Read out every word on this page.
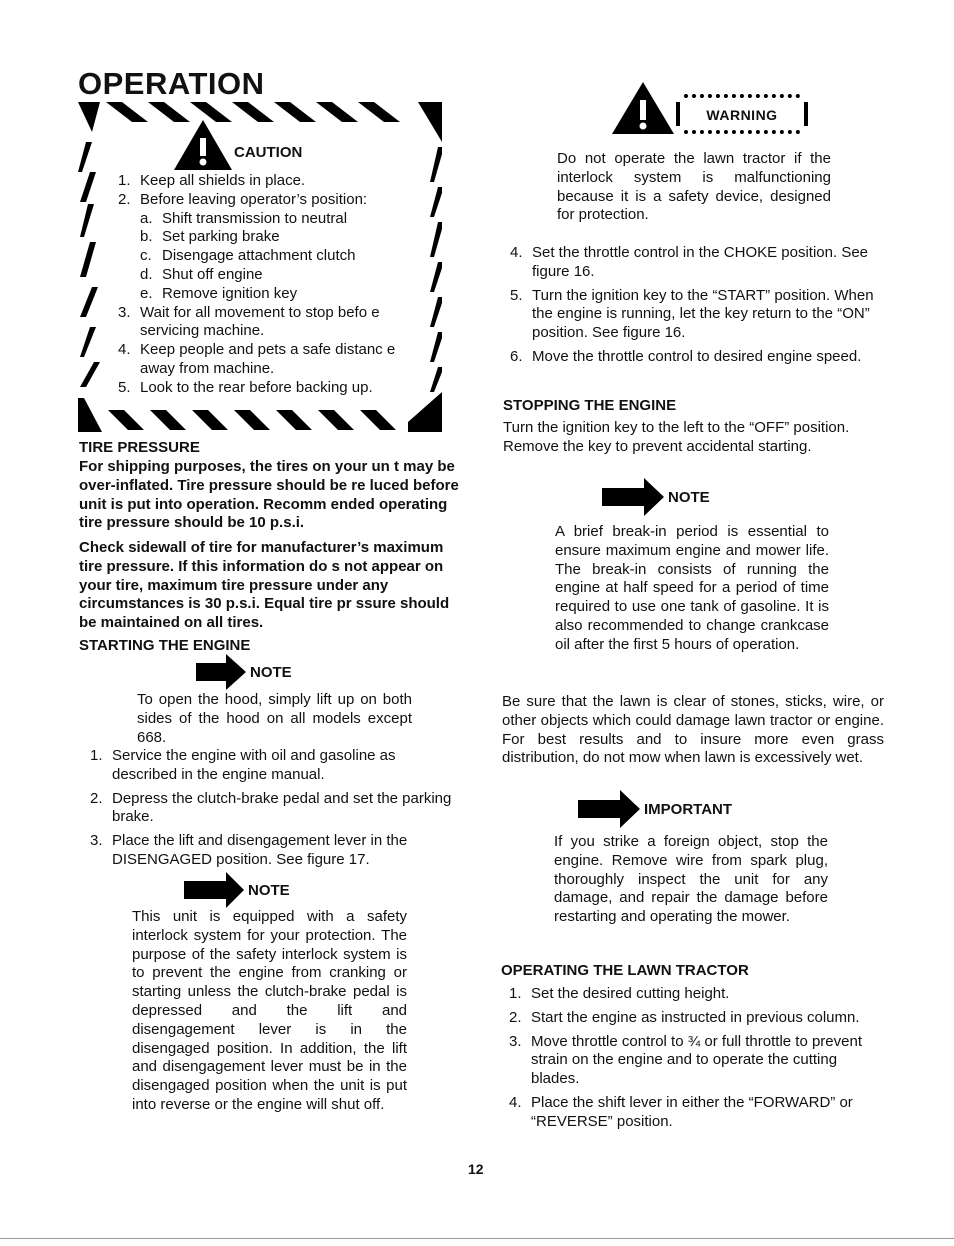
OPERATION
CAUTION
1. Keep all shields in place.
2. Before leaving operator’s position:
a. Shift transmission to neutral
b. Set parking brake
c. Disengage attachment clutch
d. Shut off engine
e. Remove ignition key
3. Wait for all movement to stop befo e
servicing machine.
4. Keep people and pets a safe distanc e
away from machine.
5. Look to the rear before backing up.
TIRE PRESSURE
For shipping purposes, the tires on your un t may be over-inflated. Tire pressure should be re luced before unit is put into operation. Recomm ended operating tire pressure should be 10 p.s.i.
Check sidewall of tire for manufacturer’s maximum tire pressure. If this information do s not appear on your tire, maximum tire pressure under any circumstances is 30 p.s.i. Equal tire pr ssure should be maintained on all tires.
STARTING THE ENGINE
NOTE
To open the hood, simply lift up on both sides of the hood on all models except 668.
1. Service the engine with oil and gasoline as described in the engine manual.
2. Depress the clutch-brake pedal and set the parking brake.
3. Place the lift and disengagement lever in the DISENGAGED position. See figure 17.
NOTE
This unit is equipped with a safety interlock system for your protection. The purpose of the safety interlock system is to prevent the engine from cranking or starting unless the clutch-brake pedal is depressed and the lift and disengagement lever is in the disengaged position. In addition, the lift and disengagement lever must be in the disengaged position when the unit is put into reverse or the engine will shut off.
WARNING
Do not operate the lawn tractor if the interlock system is malfunctioning because it is a safety device, designed for protection.
4. Set the throttle control in the CHOKE position. See figure 16.
5. Turn the ignition key to the “START” position. When the engine is running, let the key return to the “ON” position. See figure 16.
6. Move the throttle control to desired engine speed.
STOPPING THE ENGINE
Turn the ignition key to the left to the “OFF” position. Remove the key to prevent accidental starting.
NOTE
A brief break-in period is essential to ensure maximum engine and mower life. The break-in consists of running the engine at half speed for a period of time required to use one tank of gasoline. It is also recommended to change crankcase oil after the first 5 hours of operation.
Be sure that the lawn is clear of stones, sticks, wire, or other objects which could damage lawn tractor or engine. For best results and to insure more even grass distribution, do not mow when lawn is excessively wet.
IMPORTANT
If you strike a foreign object, stop the engine. Remove wire from spark plug, thoroughly inspect the unit for any damage, and repair the damage before restarting and operating the mower.
OPERATING THE LAWN TRACTOR
1. Set the desired cutting height.
2. Start the engine as instructed in previous column.
3. Move throttle control to ¾ or full throttle to prevent strain on the engine and to operate the cutting blades.
4. Place the shift lever in either the “FORWARD” or “REVERSE” position.
12
